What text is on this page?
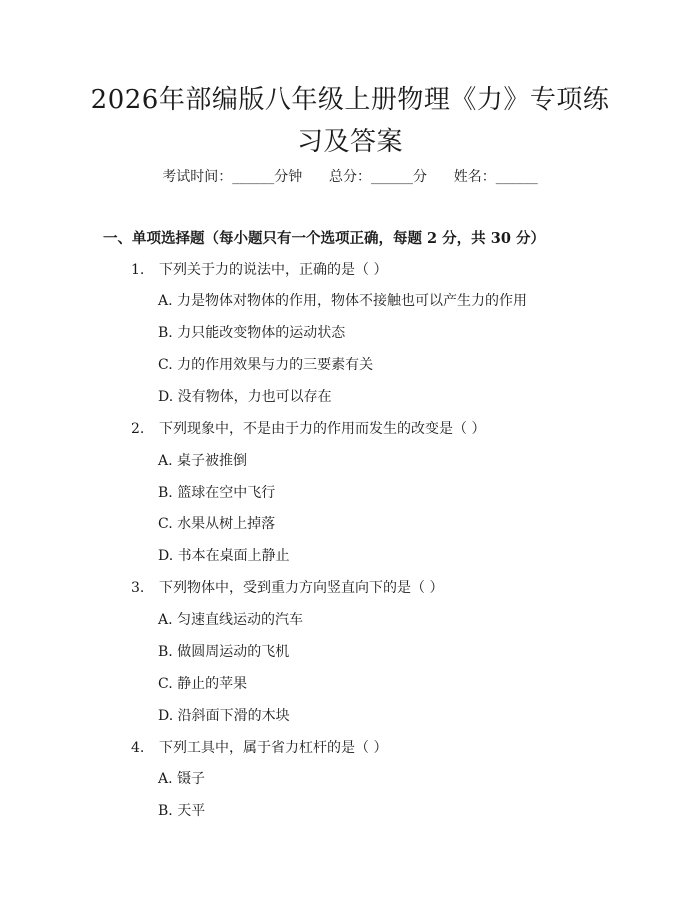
2026年部编版八年级上册物理《力》专项练习及答案
考试时间：______分钟      总分：______分      姓名：______
一、单项选择题（每小题只有一个选项正确，每题 2 分，共 30 分）
1. 下列关于力的说法中，正确的是（ ）
A. 力是物体对物体的作用，物体不接触也可以产生力的作用
B. 力只能改变物体的运动状态
C. 力的作用效果与力的三要素有关
D. 没有物体，力也可以存在
2. 下列现象中，不是由于力的作用而发生的改变是（ ）
A. 桌子被推倒
B. 篮球在空中飞行
C. 水果从树上掉落
D. 书本在桌面上静止
3. 下列物体中，受到重力方向竖直向下的是（ ）
A. 匀速直线运动的汽车
B. 做圆周运动的飞机
C. 静止的苹果
D. 沿斜面下滑的木块
4. 下列工具中，属于省力杠杆的是（ ）
A. 镊子
B. 天平
